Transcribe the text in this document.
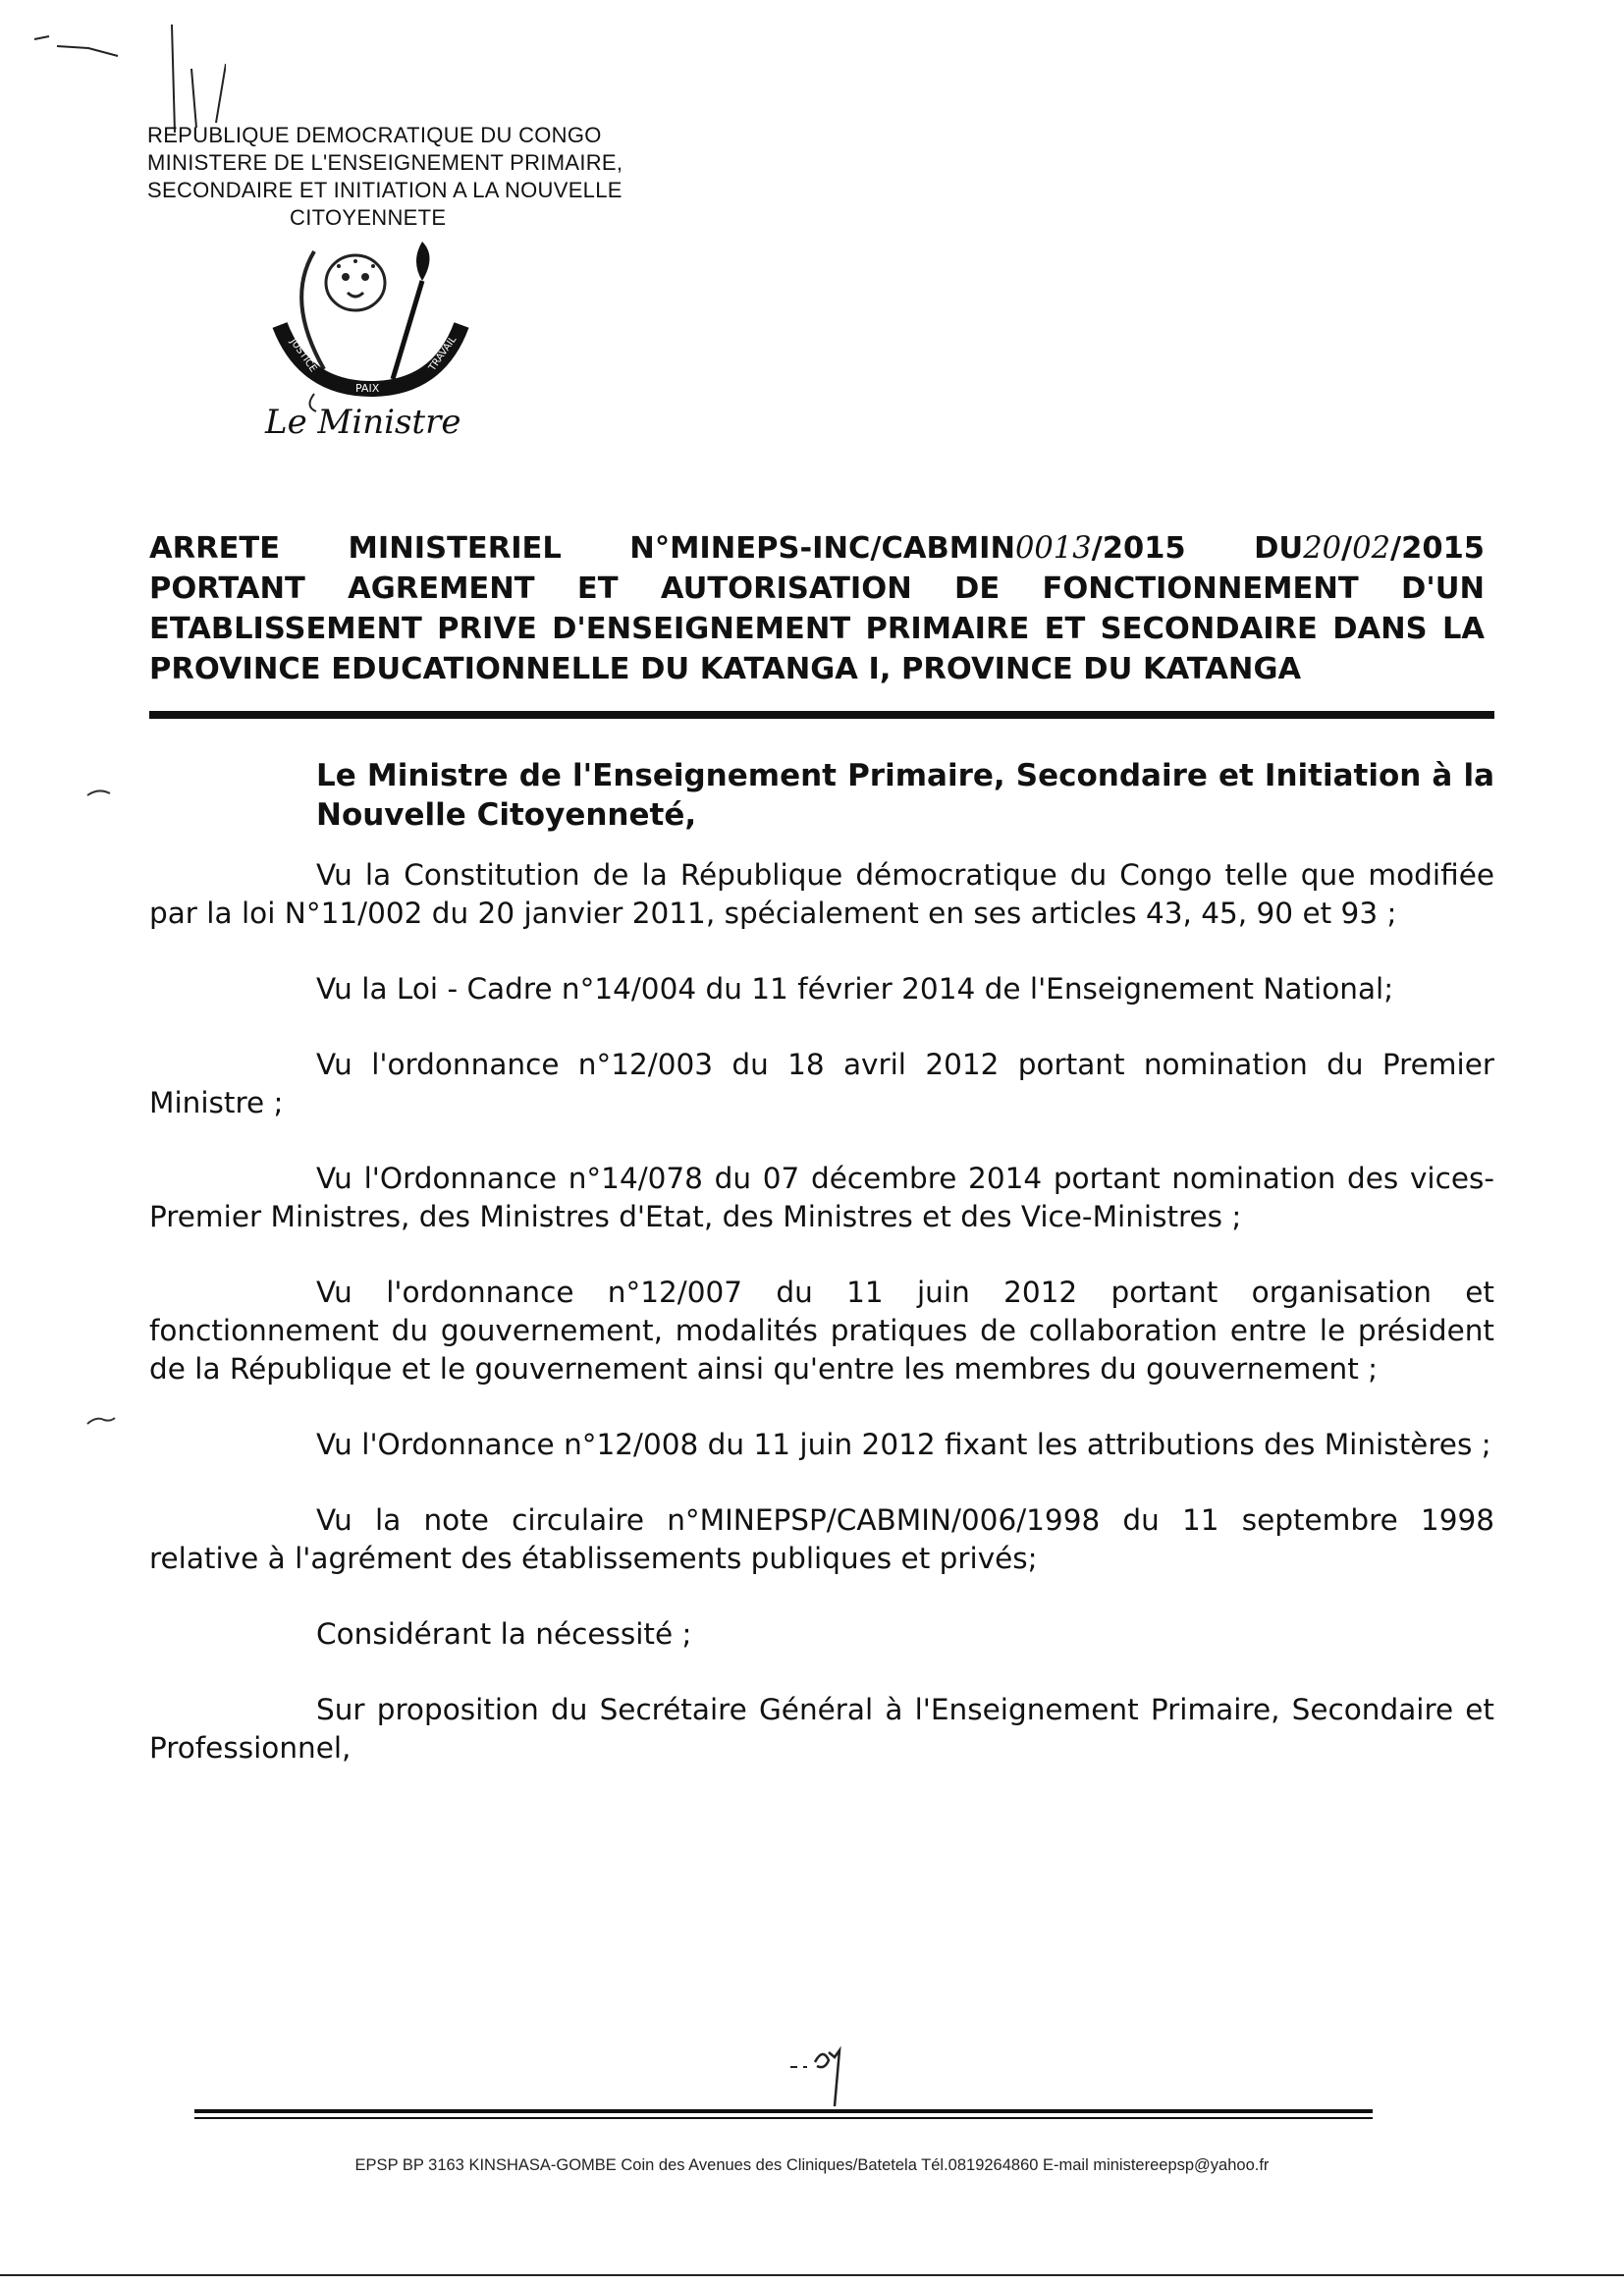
REPUBLIQUE DEMOCRATIQUE DU CONGO
MINISTERE DE L'ENSEIGNEMENT PRIMAIRE,
SECONDAIRE ET INITIATION A LA NOUVELLE
CITOYENNETE
JUSTICE
PAIX
TRAVAIL
Le Ministre
ARRETE MINISTERIEL N°MINEPS-INC/CABMIN0013/2015 DU20/02/2015
PORTANT AGREMENT ET AUTORISATION DE FONCTIONNEMENT D'UN
ETABLISSEMENT PRIVE D'ENSEIGNEMENT PRIMAIRE ET SECONDAIRE DANS LA
PROVINCE EDUCATIONNELLE DU KATANGA I, PROVINCE DU KATANGA
Le Ministre de l'Enseignement Primaire, Secondaire et Initiation à la Nouvelle Citoyenneté,

Vu la Constitution de la République démocratique du Congo telle que modifiée par la loi N°11/002 du 20 janvier 2011, spécialement en ses articles 43, 45, 90 et 93 ;

Vu la Loi - Cadre n°14/004 du 11 février 2014 de l'Enseignement National;

Vu l'ordonnance n°12/003 du 18 avril 2012 portant nomination du Premier Ministre ;

Vu l'Ordonnance n°14/078 du 07 décembre 2014 portant nomination des vices-Premier Ministres, des Ministres d'Etat, des Ministres et des Vice-Ministres ;

Vu l'ordonnance n°12/007 du 11 juin 2012 portant organisation et fonctionnement du gouvernement, modalités pratiques de collaboration entre le président de la République et le gouvernement ainsi qu'entre les membres du gouvernement ;

Vu l'Ordonnance n°12/008 du 11 juin 2012 fixant les attributions des Ministères ;

Vu la note circulaire n°MINEPSP/CABMIN/006/1998 du 11 septembre 1998 relative à l'agrément des établissements publiques et privés;

Considérant la nécessité ;

Sur proposition du Secrétaire Général à l'Enseignement Primaire, Secondaire et Professionnel,

EPSP BP 3163 KINSHASA-GOMBE Coin des Avenues des Cliniques/Batetela Tél.0819264860 E-mail ministereepsp@yahoo.fr
